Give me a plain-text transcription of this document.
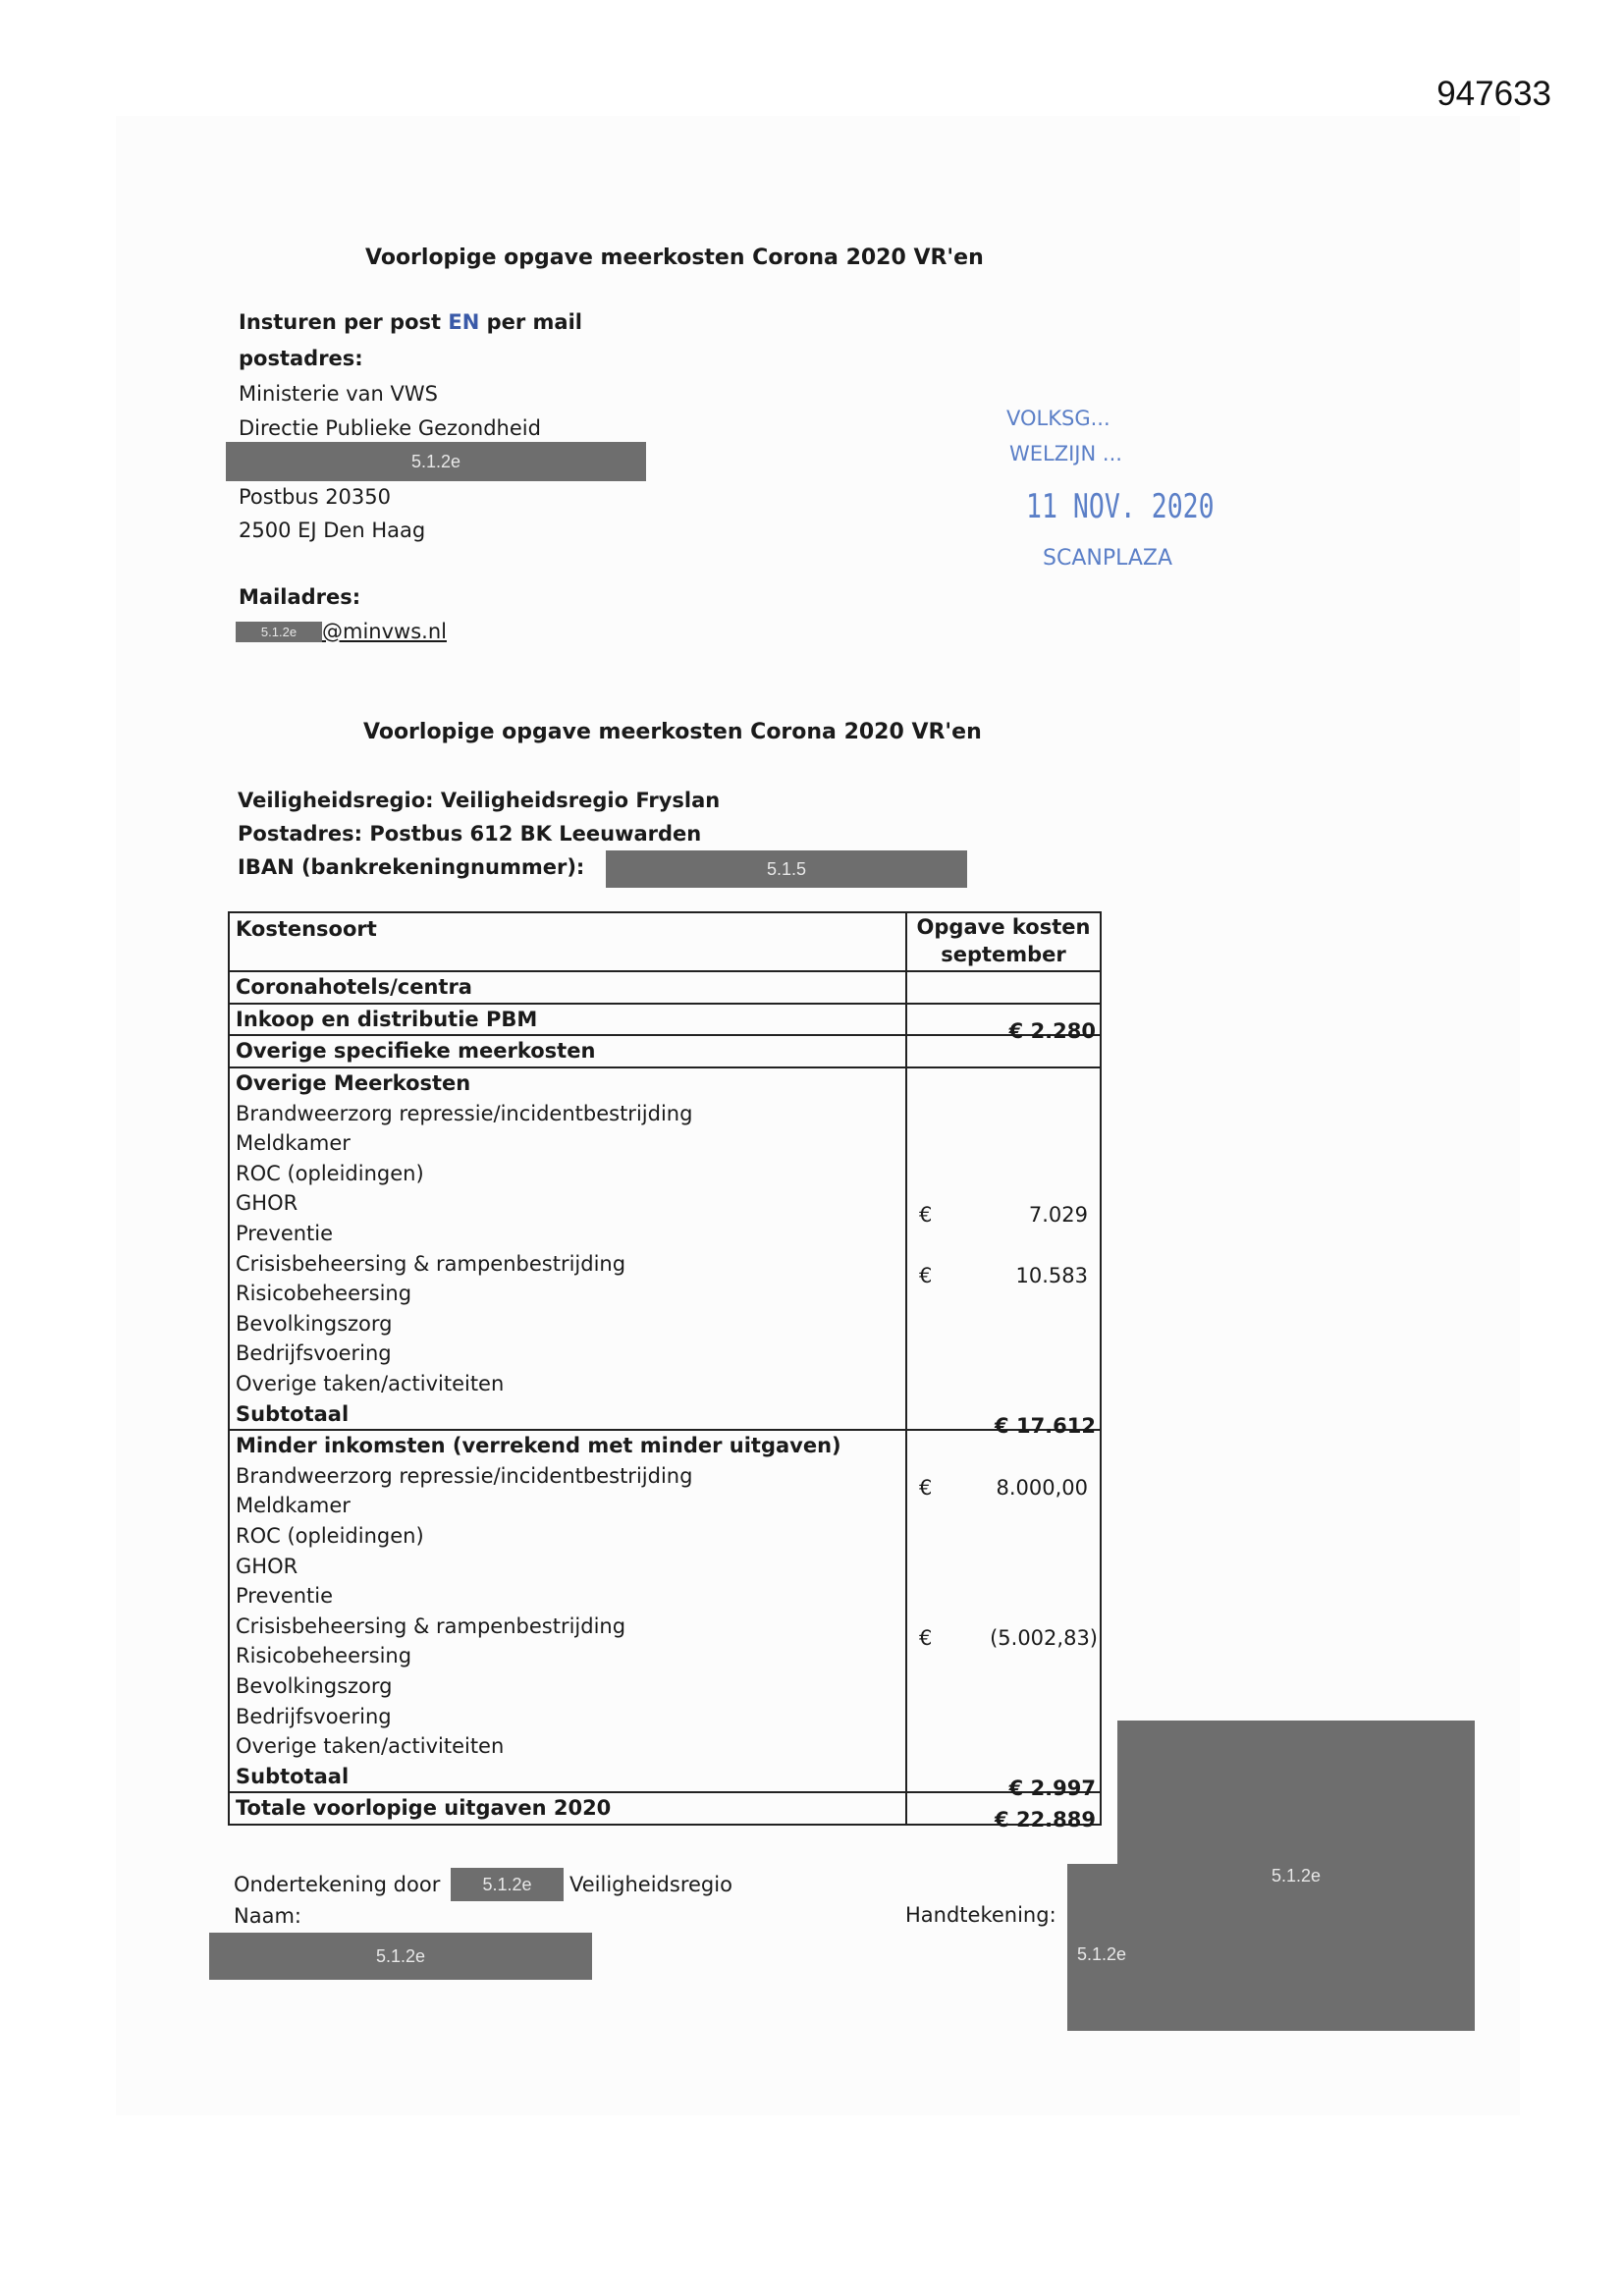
947633
Voorlopige opgave meerkosten Corona 2020 VR'en
Insturen per post EN per mail
postadres:
Ministerie van VWS
Directie Publieke Gezondheid
5.1.2e
Postbus 20350
2500 EJ Den Haag
Mailadres:
5.1.2e	@minvws.nl
VOLKSG...
WELZIJN ...
11 NOV. 2020
SCANPLAZA
Voorlopige opgave meerkosten Corona 2020 VR'en
Veiligheidsregio: Veiligheidsregio Fryslan
Postadres: Postbus 612 BK Leeuwarden
IBAN (bankrekeningnummer):	5.1.5
Kostensoort	Opgave kosten
september

Coronahotels/centra	
Inkoop en distributie PBM	€ 2.280

Overige specifieke meerkosten	
Overige Meerkosten	
Brandweerzorg repressie/incidentbestrijding	

Meldkamer	

ROC (opleidingen)	

GHOR	€ 7.029

Preventie	

Crisisbeheersing & rampenbestrijding	€ 10.583

Risicobeheersing	

Bevolkingszorg	

Bedrijfsvoering	

Overige taken/activiteiten	

Subtotaal	€ 17.612

Minder inkomsten (verrekend met minder uitgaven)	
Brandweerzorg repressie/incidentbestrijding	€ 8.000,00

Meldkamer	

ROC (opleidingen)	

GHOR	

Preventie	

Crisisbeheersing & rampenbestrijding	€ (5.002,83)

Risicobeheersing	

Bevolkingszorg	

Bedrijfsvoering	

Overige taken/activiteiten	

Subtotaal	€ 2.997

Totale voorlopige uitgaven 2020	€ 22.889
5.1.2e
5.1.2e
Ondertekening door	5.1.2e	Veiligheidsregio
Naam:
5.1.2e
Handtekening:
